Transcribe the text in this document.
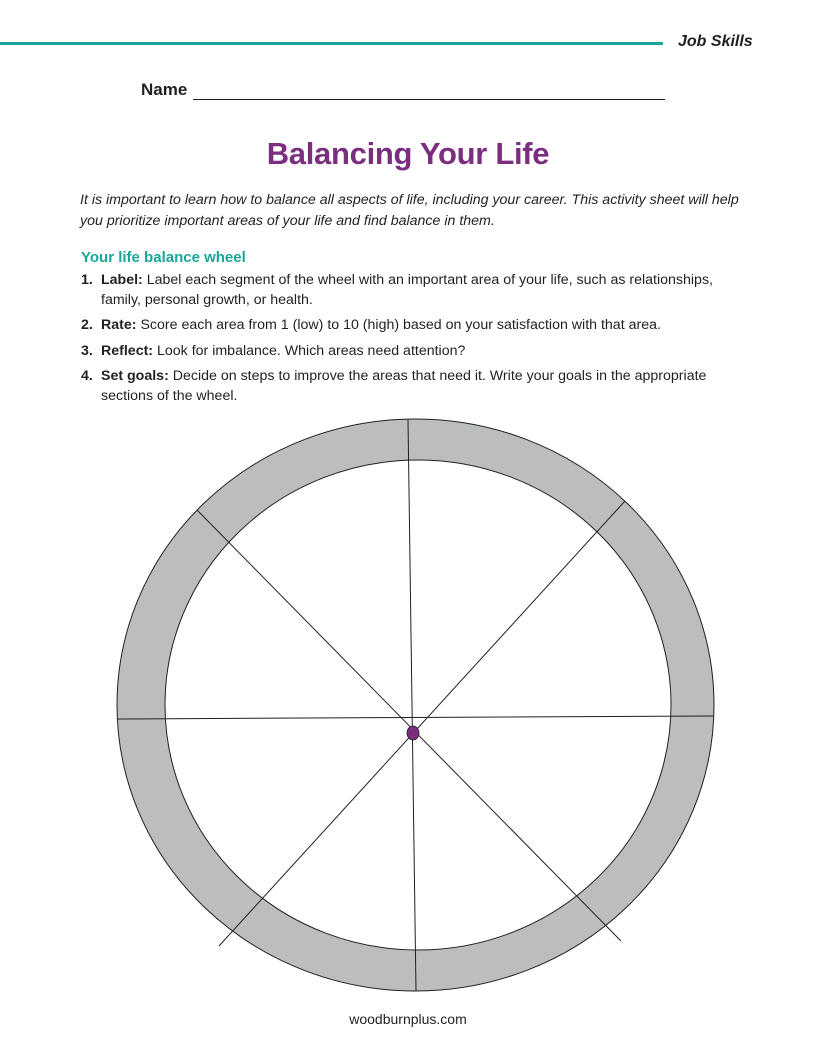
Job Skills
Name
Balancing Your Life
It is important to learn how to balance all aspects of life, including your career. This activity sheet will help you prioritize important areas of your life and find balance in them.
Your life balance wheel
1. Label: Label each segment of the wheel with an important area of your life, such as relationships, family, personal growth, or health.
2. Rate: Score each area from 1 (low) to 10 (high) based on your satisfaction with that area.
3. Reflect: Look for imbalance. Which areas need attention?
4. Set goals: Decide on steps to improve the areas that need it. Write your goals in the appropriate sections of the wheel.
woodburnplus.com
